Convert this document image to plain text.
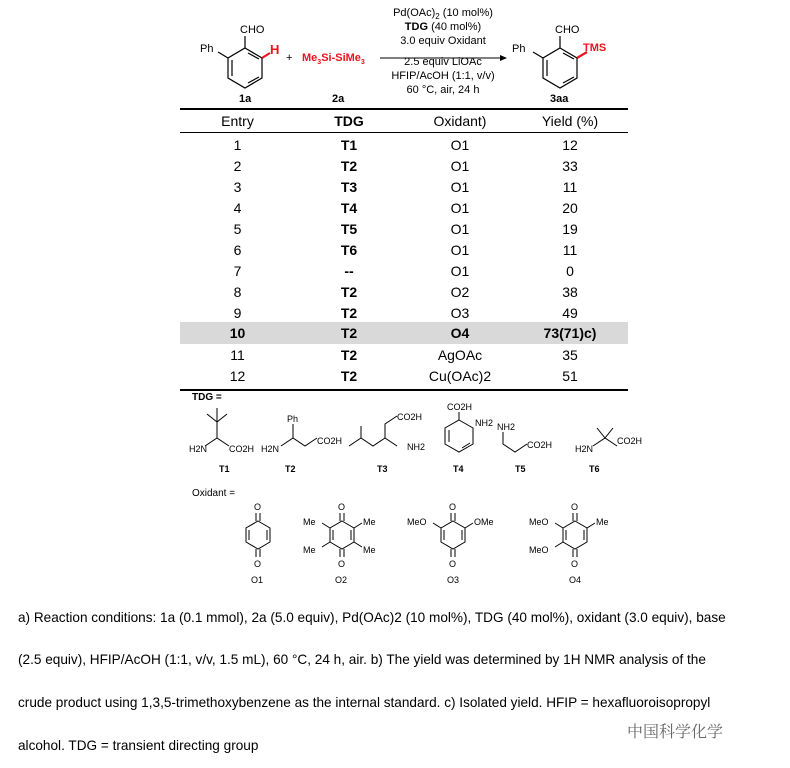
CHO
Ph	H
1a
+ $Me_3Si-SiMe_3$
2a
CHO
Ph	TMS
3aa
$Pd(OAc)_2$ (10 mol%)
TDG (40 mol%)
3.0 equiv Oxidant
2.5 equiv LiOAc
HFIP/AcOH (1:1, v/v)
60 °C, air, 24 h
Entry	TDG	Oxidant)	Yield (%)
1	T1	O1	12
2	T2	O1	33
3	T3	O1	11
4	T4	O1	20
5	T5	O1	19
6	T6	O1	11
7	--	O1	0
8	T2	O2	38
9	T2	O3	49
10	T2	O4	73(71)c)
11	T2	AgOAc	35
12	T2	Cu(OAc)2	51
TDG =
H2N CO2H
T1
Ph
H2N
CO2H
T2
CO2H
NH2
T3
CO2H
NH2
T4
NH2
CO2H
T5
H2N
CO2H
T6
Oxidant =
O
O
O1
O
O
Me	Me
Me	Me
O2
O
O
MeO	OMe
O3
O
O
MeO
MeO
Me
O4
a) Reaction conditions: 1a (0.1 mmol), 2a (5.0 equiv), Pd(OAc)2 (10 mol%), TDG (40 mol%), oxidant (3.0 equiv), base
(2.5 equiv), HFIP/AcOH (1:1, v/v, 1.5 mL), 60 °C, 24 h, air. b) The yield was determined by 1H NMR analysis of the
crude product using 1,3,5-trimethoxybenzene as the internal standard. c) Isolated yield. HFIP = hexafluoroisopropyl
alcohol. TDG = transient directing group
中国科学化学
